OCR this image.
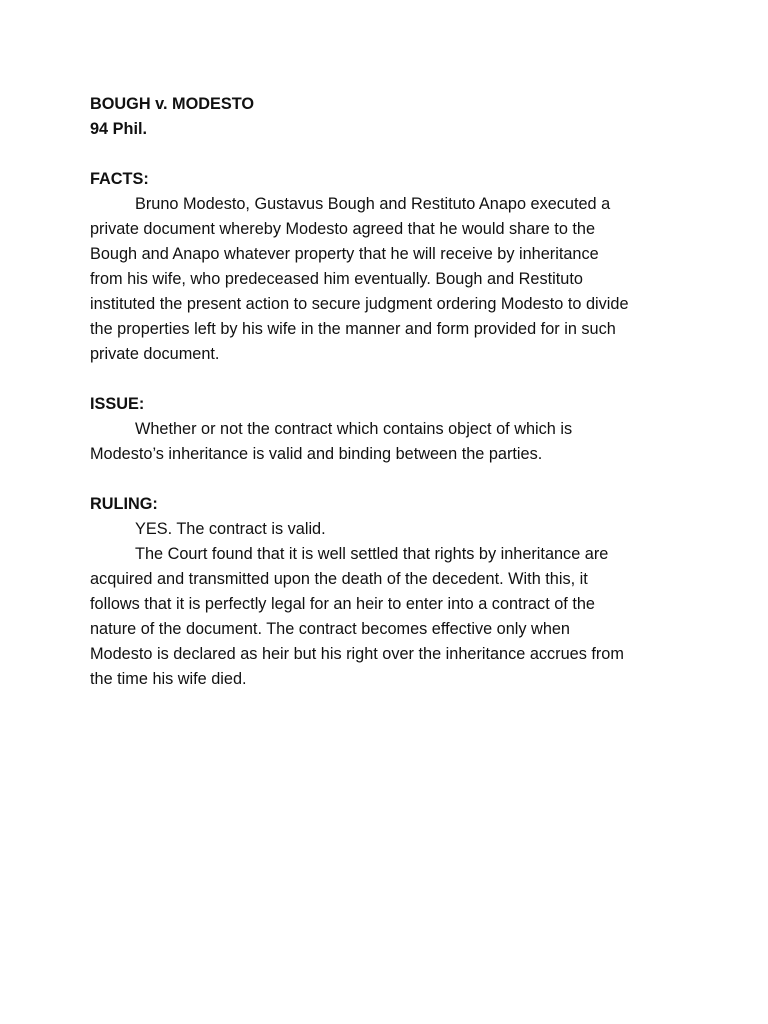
BOUGH v. MODESTO

94 Phil.

FACTS:

Bruno Modesto, Gustavus Bough and Restituto Anapo executed a

private document whereby Modesto agreed that he would share to the

Bough and Anapo whatever property that he will receive by inheritance

from his wife, who predeceased him eventually. Bough and Restituto

instituted the present action to secure judgment ordering Modesto to divide

the properties left by his wife in the manner and form provided for in such

private document.

ISSUE:

Whether or not the contract which contains object of which is

Modesto’s inheritance is valid and binding between the parties.

RULING:

YES. The contract is valid.

The Court found that it is well settled that rights by inheritance are

acquired and transmitted upon the death of the decedent. With this, it

follows that it is perfectly legal for an heir to enter into a contract of the

nature of the document. The contract becomes effective only when

Modesto is declared as heir but his right over the inheritance accrues from

the time his wife died.
